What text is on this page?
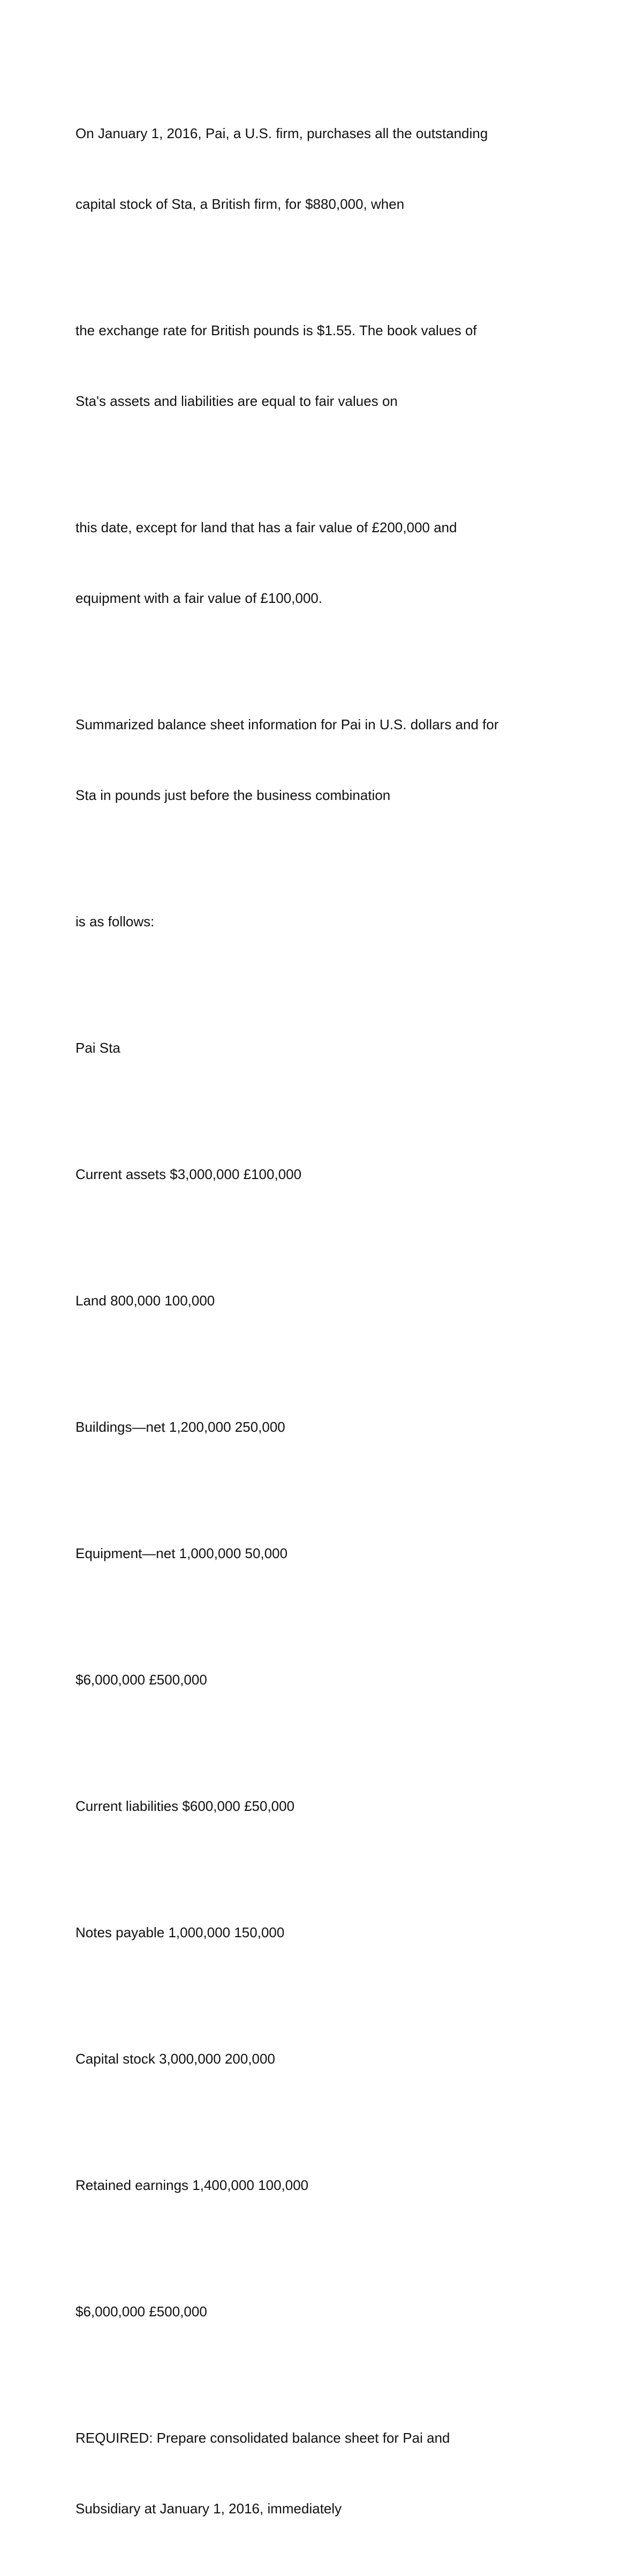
On January 1, 2016, Pai, a U.S. firm, purchases all the outstanding

capital stock of Sta, a British firm, for $880,000, when

the exchange rate for British pounds is $1.55. The book values of

Sta's assets and liabilities are equal to fair values on

this date, except for land that has a fair value of £200,000 and

equipment with a fair value of £100,000.

Summarized balance sheet information for Pai in U.S. dollars and for

Sta in pounds just before the business combination

is as follows:

Pai Sta

Current assets $3,000,000 £100,000

Land 800,000 100,000

Buildings—net 1,200,000 250,000

Equipment—net 1,000,000 50,000

$6,000,000 £500,000

Current liabilities $600,000 £50,000

Notes payable 1,000,000 150,000

Capital stock 3,000,000 200,000

Retained earnings 1,400,000 100,000

$6,000,000 £500,000

REQUIRED: Prepare consolidated balance sheet for Pai and

Subsidiary at January 1, 2016, immediately
